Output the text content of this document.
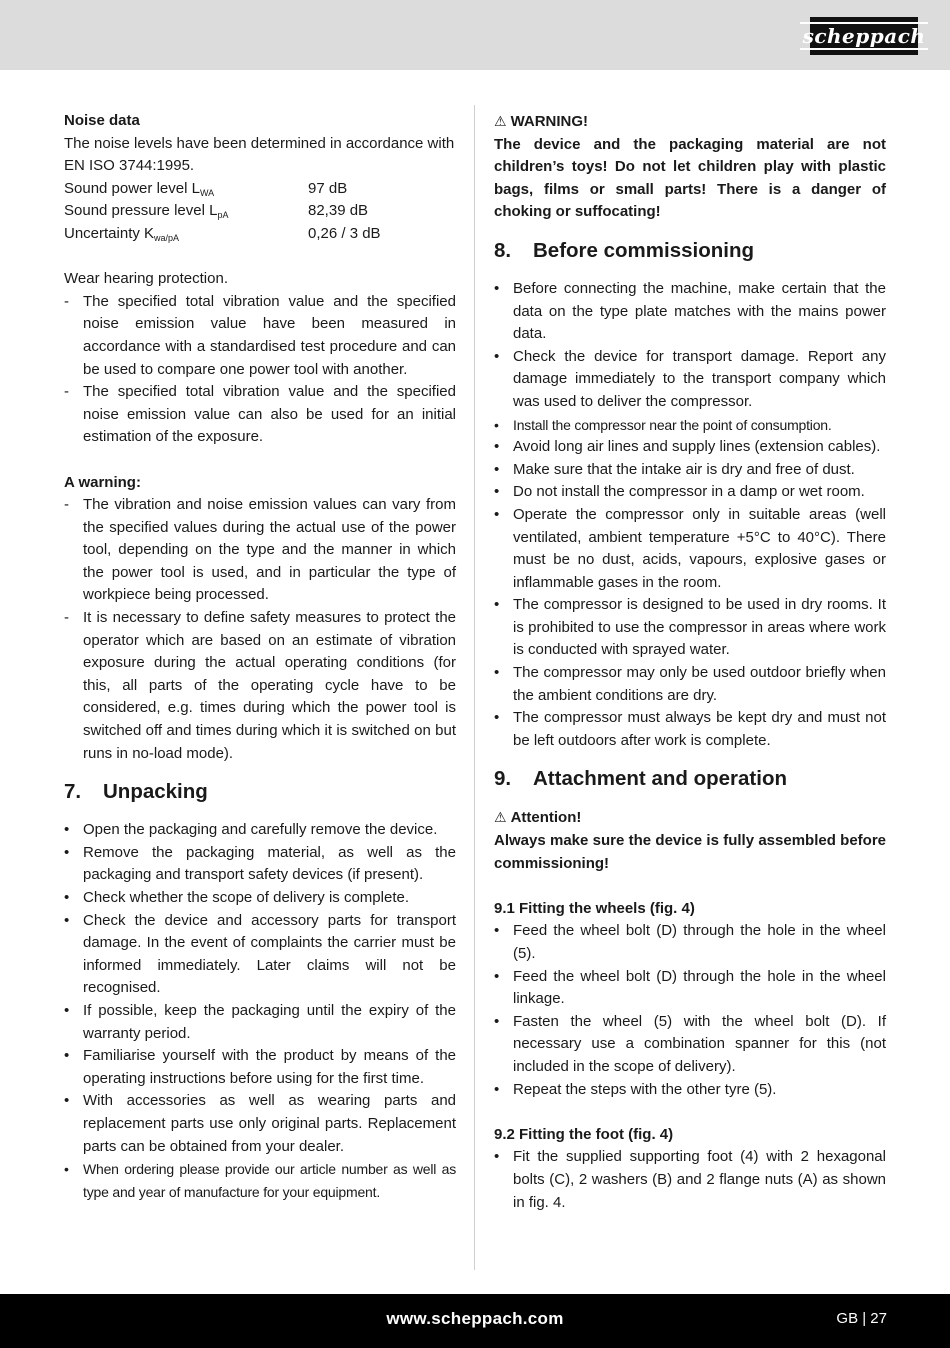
scheppach

Noise data

The noise levels have been determined in accordance with EN ISO 3744:1995.

Sound power level $L_{WA}$	97 dB
Sound pressure level $L_{pA}$	82,39 dB
Uncertainty $K_{wa/pA}$	0,26 / 3 dB

Wear hearing protection.

- The specified total vibration value and the specified noise emission value have been measured in accordance with a standardised test procedure and can be used to compare one power tool with another.
- The specified total vibration value and the specified noise emission value can also be used for an initial estimation of the exposure.

A warning:

- The vibration and noise emission values can vary from the specified values during the actual use of the power tool, depending on the type and the manner in which the power tool is used, and in particular the type of workpiece being processed.
- It is necessary to define safety measures to protect the operator which are based on an estimate of vibration exposure during the actual operating conditions (for this, all parts of the operating cycle have to be considered, e.g. times during which the power tool is switched off and times during which it is switched on but runs in no-load mode).
7.	Unpacking
• Open the packaging and carefully remove the device.
• Remove the packaging material, as well as the packaging and transport safety devices (if present).
• Check whether the scope of delivery is complete.
• Check the device and accessory parts for transport damage. In the event of complaints the carrier must be informed immediately. Later claims will not be recognised.
• If possible, keep the packaging until the expiry of the warranty period.
• Familiarise yourself with the product by means of the operating instructions before using for the first time.
• With accessories as well as wearing parts and replacement parts use only original parts. Replacement parts can be obtained from your dealer.
• When ordering please provide our article number as well as type and year of manufacture for your equipment.

⚠ WARNING!

The device and the packaging material are not children’s toys! Do not let children play with plastic bags, films or small parts! There is a danger of choking or suffocating!

8.	Before commissioning
• Before connecting the machine, make certain that the data on the type plate matches with the mains power data.
• Check the device for transport damage. Report any damage immediately to the transport company which was used to deliver the compressor.
• Install the compressor near the point of consumption.
• Avoid long air lines and supply lines (extension cables).
• Make sure that the intake air is dry and free of dust.
• Do not install the compressor in a damp or wet room.
• Operate the compressor only in suitable areas (well ventilated, ambient temperature +5°C to 40°C). There must be no dust, acids, vapours, explosive gases or inflammable gases in the room.
• The compressor is designed to be used in dry rooms. It is prohibited to use the compressor in areas where work is conducted with sprayed water.
• The compressor may only be used outdoor briefly when the ambient conditions are dry.
• The compressor must always be kept dry and must not be left outdoors after work is complete.
9.	Attachment and operation

⚠ Attention!

Always make sure the device is fully assembled before commissioning!

9.1 Fitting the wheels (fig. 4)

• Feed the wheel bolt (D) through the hole in the wheel (5).
• Feed the wheel bolt (D) through the hole in the wheel linkage.
• Fasten the wheel (5) with the wheel bolt (D). If necessary use a combination spanner for this (not included in the scope of delivery).
• Repeat the steps with the other tyre (5).

9.2 Fitting the foot (fig. 4)

• Fit the supplied supporting foot (4) with 2 hexagonal bolts (C), 2 washers (B) and 2 flange nuts (A) as shown in fig. 4.
www.scheppach.com	GB | 27
